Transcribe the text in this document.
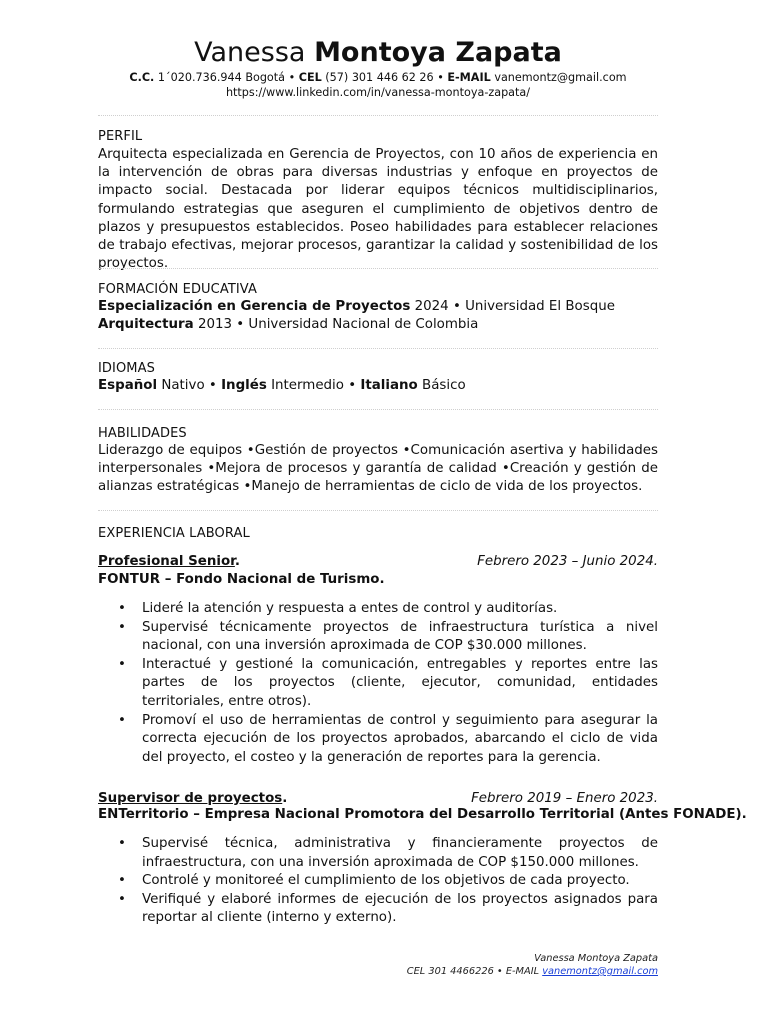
Vanessa Montoya Zapata
C.C. 1´020.736.944 Bogotá • CEL (57) 301 446 62 26 • E-MAIL vanemontz@gmail.com
https://www.linkedin.com/in/vanessa-montoya-zapata/
PERFIL
Arquitecta especializada en Gerencia de Proyectos, con 10 años de experiencia en la intervención de obras para diversas industrias y enfoque en proyectos de impacto social. Destacada por liderar equipos técnicos multidisciplinarios, formulando estrategias que aseguren el cumplimiento de objetivos dentro de plazos y presupuestos establecidos. Poseo habilidades para establecer relaciones de trabajo efectivas, mejorar procesos, garantizar la calidad y sostenibilidad de los proyectos.
FORMACIÓN EDUCATIVA
Especialización en Gerencia de Proyectos 2024 • Universidad El Bosque
Arquitectura 2013 • Universidad Nacional de Colombia
IDIOMAS
Español Nativo • Inglés Intermedio • Italiano Básico
HABILIDADES
Liderazgo de equipos •Gestión de proyectos •Comunicación asertiva y habilidades interpersonales •Mejora de procesos y garantía de calidad •Creación y gestión de alianzas estratégicas •Manejo de herramientas de ciclo de vida de los proyectos.
EXPERIENCIA LABORAL
Profesional Senior.	Febrero 2023 – Junio 2024.
FONTUR – Fondo Nacional de Turismo.
• Lideré la atención y respuesta a entes de control y auditorías.
• Supervisé técnicamente proyectos de infraestructura turística a nivel nacional, con una inversión aproximada de COP $30.000 millones.
• Interactué y gestioné la comunicación, entregables y reportes entre las partes de los proyectos (cliente, ejecutor, comunidad, entidades territoriales, entre otros).
• Promoví el uso de herramientas de control y seguimiento para asegurar la correcta ejecución de los proyectos aprobados, abarcando el ciclo de vida del proyecto, el costeo y la generación de reportes para la gerencia.
Supervisor de proyectos.	Febrero 2019 – Enero 2023.
ENTerritorio – Empresa Nacional Promotora del Desarrollo Territorial (Antes FONADE).
• Supervisé técnica, administrativa y financieramente proyectos de infraestructura, con una inversión aproximada de COP $150.000 millones.
• Controlé y monitoreé el cumplimiento de los objetivos de cada proyecto.
• Verifiqué y elaboré informes de ejecución de los proyectos asignados para reportar al cliente (interno y externo).
Vanessa Montoya Zapata
CEL 301 4466226 • E-MAIL vanemontz@gmail.com
